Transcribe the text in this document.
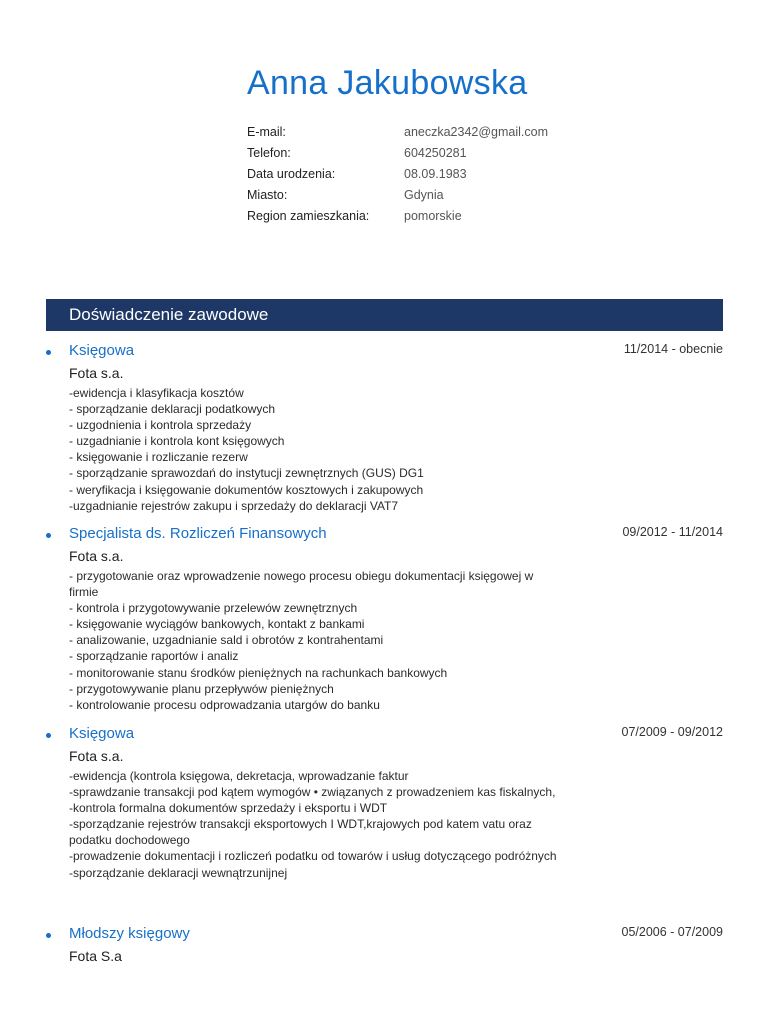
Anna Jakubowska
E-mail:	aneczka2342@gmail.com
Telefon:	604250281
Data urodzenia:	08.09.1983
Miasto:	Gdynia
Region zamieszkania:	pomorskie
Doświadczenie zawodowe
Księgowa	11/2014 - obecnie
Fota s.a.
-ewidencja i klasyfikacja kosztów
- sporządzanie deklaracji podatkowych
- uzgodnienia i kontrola sprzedaży
- uzgadnianie i kontrola kont księgowych
- księgowanie i rozliczanie rezerw
- sporządzanie sprawozdań do instytucji zewnętrznych (GUS) DG1
- weryfikacja i księgowanie dokumentów kosztowych i zakupowych
-uzgadnianie rejestrów zakupu i sprzedaży do deklaracji VAT7
Specjalista ds. Rozliczeń Finansowych	09/2012 - 11/2014
Fota s.a.
- przygotowanie oraz wprowadzenie nowego procesu obiegu dokumentacji księgowej w firmie
- kontrola i przygotowywanie przelewów zewnętrznych
- księgowanie wyciągów bankowych, kontakt z bankami
- analizowanie, uzgadnianie sald i obrotów z kontrahentami
- sporządzanie raportów i analiz
- monitorowanie stanu środków pieniężnych na rachunkach bankowych
- przygotowywanie planu przepływów pieniężnych
- kontrolowanie procesu odprowadzania utargów do banku
Księgowa	07/2009 - 09/2012
Fota s.a.
-ewidencja (kontrola księgowa, dekretacja, wprowadzanie faktur
-sprawdzanie transakcji pod kątem wymogów • związanych z prowadzeniem kas fiskalnych,
-kontrola formalna dokumentów sprzedaży i eksportu i WDT
-sporządzanie rejestrów transakcji eksportowych I WDT,krajowych pod katem vatu oraz podatku dochodowego
-prowadzenie dokumentacji i rozliczeń podatku od towarów i usług dotyczącego podróżnych
-sporządzanie deklaracji wewnątrzunijnej
Młodszy księgowy	05/2006 - 07/2009
Fota S.a
